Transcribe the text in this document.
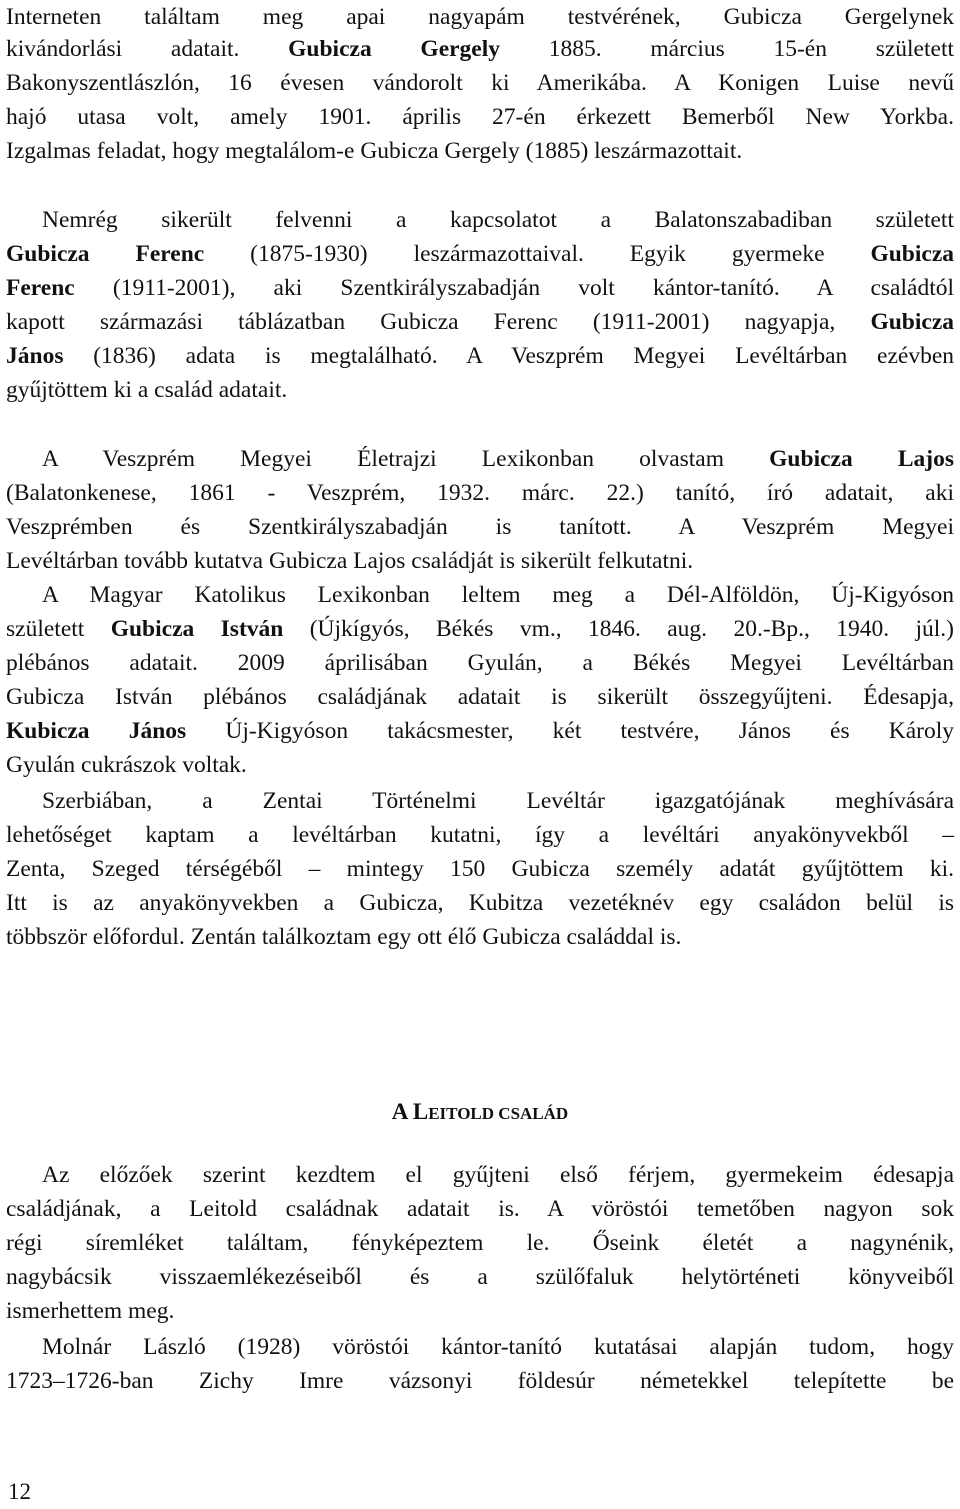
Interneten találtam meg apai nagyapám testvérének, Gubicza Gergelynek
kivándorlási adatait. Gubicza Gergely 1885. március 15-én született
Bakonyszentlászlón, 16 évesen vándorolt ki Amerikába. A Konigen Luise nevű
hajó utasa volt, amely 1901. április 27-én érkezett Bemerből New Yorkba.
Izgalmas feladat, hogy megtalálom-e Gubicza Gergely (1885) leszármazottait.
Nemrég sikerült felvenni a kapcsolatot a Balatonszabadiban született
Gubicza Ferenc (1875-1930) leszármazottaival. Egyik gyermeke Gubicza
Ferenc (1911-2001), aki Szentkirályszabadján volt kántor-tanító. A családtól
kapott származási táblázatban Gubicza Ferenc (1911-2001) nagyapja, Gubicza
János (1836) adata is megtalálható. A Veszprém Megyei Levéltárban ezévben
gyűjtöttem ki a család adatait.
A Veszprém Megyei Életrajzi Lexikonban olvastam Gubicza Lajos
(Balatonkenese, 1861 - Veszprém, 1932. márc. 22.) tanító, író adatait, aki
Veszprémben és Szentkirályszabadján is tanított. A Veszprém Megyei
Levéltárban tovább kutatva Gubicza Lajos családját is sikerült felkutatni.
A Magyar Katolikus Lexikonban leltem meg a Dél-Alföldön, Új-Kigyóson
született Gubicza István (Újkígyós, Békés vm., 1846. aug. 20.-Bp., 1940. júl.)
plébános adatait. 2009 áprilisában Gyulán, a Békés Megyei Levéltárban
Gubicza István plébános családjának adatait is sikerült összegyűjteni. Édesapja,
Kubicza János Új-Kigyóson takácsmester, két testvére, János és Károly
Gyulán cukrászok voltak.
Szerbiában, a Zentai Történelmi Levéltár igazgatójának meghívására
lehetőséget kaptam a levéltárban kutatni, így a levéltári anyakönyvekből –
Zenta, Szeged térségéből – mintegy 150 Gubicza személy adatát gyűjtöttem ki.
Itt is az anyakönyvekben a Gubicza, Kubitza vezetéknév egy családon belül is
többször előfordul. Zentán találkoztam egy ott élő Gubicza családdal is.
A LEITOLD CSALÁD
Az előzőek szerint kezdtem el gyűjteni első férjem, gyermekeim édesapja
családjának, a Leitold családnak adatait is. A vöröstói temetőben nagyon sok
régi síremléket találtam, fényképeztem le. Őseink életét a nagynénik,
nagybácsik visszaemlékezéseiből és a szülőfaluk helytörténeti könyveiből
ismerhettem meg.
Molnár László (1928) vöröstói kántor-tanító kutatásai alapján tudom, hogy
1723–1726-ban Zichy Imre vázsonyi földesúr németekkel telepítette be
12
